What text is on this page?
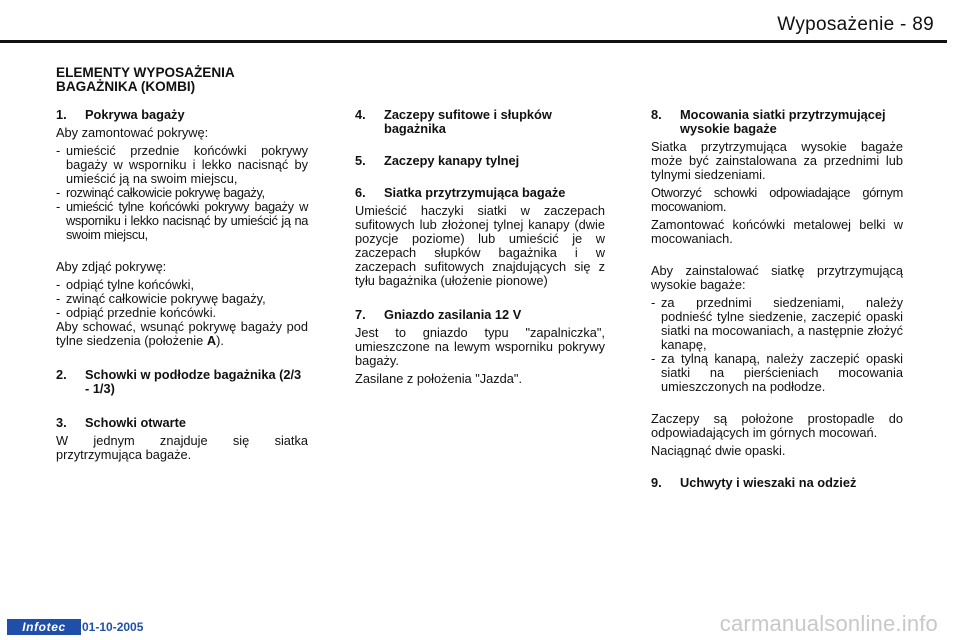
Wyposażenie - 89
ELEMENTY WYPOSAŻENIA
BAGAŻNIKA (KOMBI)
1.	Pokrywa bagaży
Aby zamontować pokrywę:
- umieścić przednie końcówki pokrywy bagaży w wsporniku i lekko nacisnąć by umieścić ją na swoim miejscu,
- rozwinąć całkowicie pokrywę bagaży,
- umieścić tylne końcówki pokrywy bagaży w wsporniku i lekko nacisnąć by umieścić ją na swoim miejscu,
Aby zdjąć pokrywę:
- odpiąć tylne końcówki,
- zwinąć całkowicie pokrywę bagaży,
- odpiąć przednie końcówki.
Aby schować, wsunąć pokrywę bagaży pod tylne siedzenia (położenie A).
2.	Schowki w podłodze bagażnika (2/3 - 1/3)
3.	Schowki otwarte
W jednym znajduje się siatka przytrzymująca bagaże.
4.	Zaczepy sufitowe i słupków bagażnika
5.	Zaczepy kanapy tylnej
6.	Siatka przytrzymująca bagaże
Umieścić haczyki siatki w zaczepach sufitowych lub złożonej tylnej kanapy (dwie pozycje poziome) lub umieścić je w zaczepach słupków bagażnika i w zaczepach sufitowych znajdujących się z tyłu bagażnika (ułożenie pionowe)
7.	Gniazdo zasilania 12 V
Jest to gniazdo typu "zapalniczka", umieszczone na lewym wsporniku pokrywy bagaży.
Zasilane z położenia "Jazda".
8.	Mocowania siatki przytrzymującej wysokie bagaże
Siatka przytrzymująca wysokie bagaże może być zainstalowana za przednimi lub tylnymi siedzeniami.
Otworzyć schowki odpowiadające górnym mocowaniom.
Zamontować końcówki metalowej belki w mocowaniach.
Aby zainstalować siatkę przytrzymującą wysokie bagaże:
- za przednimi siedzeniami, należy podnieść tylne siedzenie, zaczepić opaski siatki na mocowaniach, a następnie złożyć kanapę,
- za tylną kanapą, należy zaczepić opaski siatki na pierścieniach mocowania umieszczonych na podłodze.
Zaczepy są położone prostopadle do odpowiadających im górnych mocowań.
Naciągnąć dwie opaski.
9.	Uchwyty i wieszaki na odzież
Infotec	01-10-2005	carmanualsonline.info
